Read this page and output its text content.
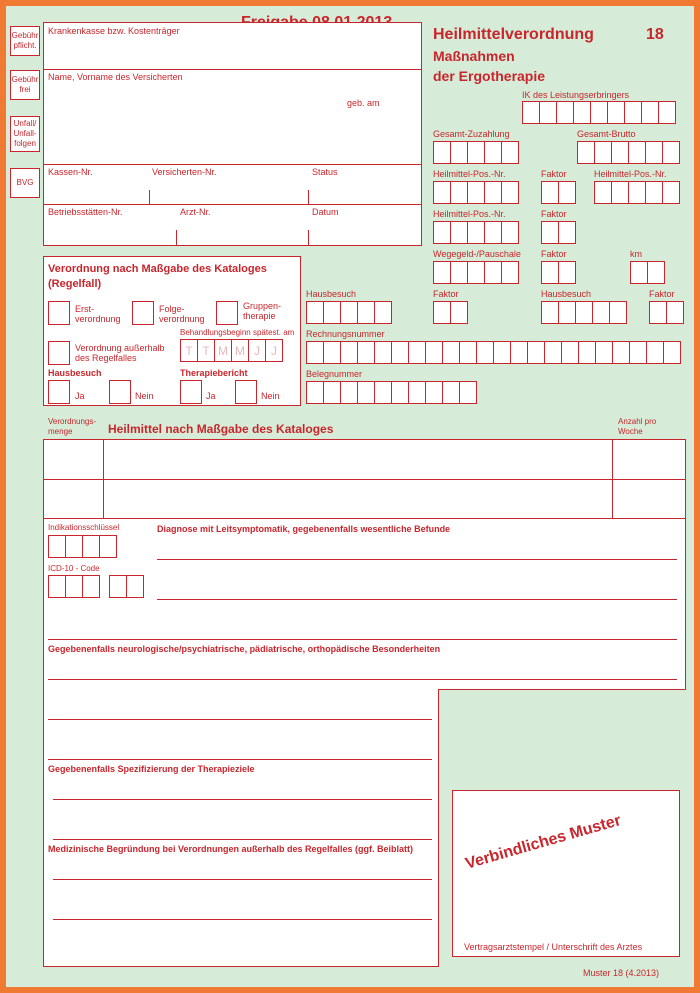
Heilmittelverordnung	18
Maßnahmen
der Ergotherapie
Gebühr pflicht.
Gebühr frei
Unfall/ Unfall- folgen
BVG
Krankenkasse bzw. Kostenträger
Name, Vorname des Versicherten
geb. am
Kassen-Nr.	Versicherten-Nr.	Status
Betriebsstätten-Nr.	Arzt-Nr.	Datum
IK des Leistungserbringers
Gesamt-Zuzahlung	Gesamt-Brutto
Heilmittel-Pos.-Nr.	Faktor	Heilmittel-Pos.-Nr.
Heilmittel-Pos.-Nr.	Faktor
Wegegeld-/Pauschale Faktor	km
Hausbesuch	Faktor	Hausbesuch	Faktor
Rechnungsnummer
Belegnummer
Verordnung nach Maßgabe des Kataloges
(Regelfall)
Erst-
verordnung
Folge-
verordnung
Gruppen-
therapie
Behandlungsbeginn spätest. am
T T M M J J
Verordnung außerhalb
des Regelfalles
Hausbesuch	Therapiebericht
Ja	Nein	Ja	Nein
Verordnungs-
menge	Heilmittel nach Maßgabe des Kataloges
Anzahl pro
Woche
Indikationsschlüssel	Diagnose mit Leitsymptomatik, gegebenenfalls wesentliche Befunde
ICD-10 - Code
Gegebenenfalls neurologische/psychiatrische, pädiatrische, orthopädische Besonderheiten
Gegebenenfalls Spezifizierung der Therapieziele
Medizinische Begründung bei Verordnungen außerhalb des Regelfalles (ggf. Beiblatt)	Verbindliches Muster
Vertragsarztstempel / Unterschrift des Arztes
Muster 18 (4.2013)
